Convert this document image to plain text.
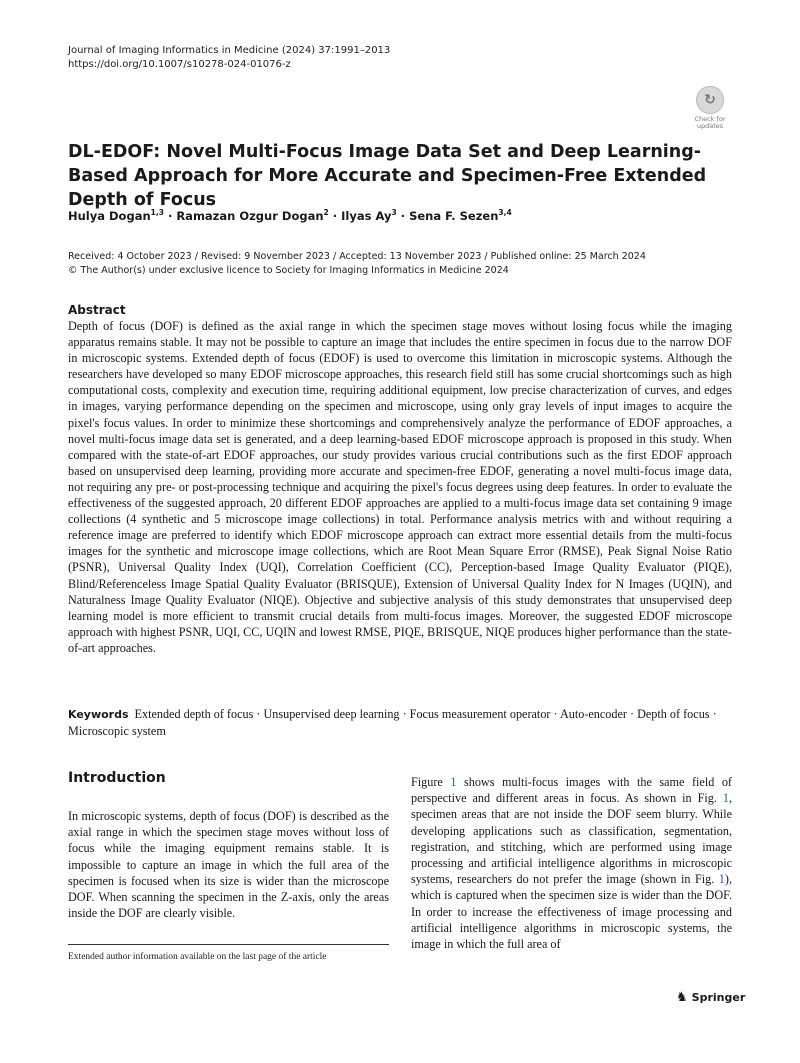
Journal of Imaging Informatics in Medicine (2024) 37:1991–2013
https://doi.org/10.1007/s10278-024-01076-z
↻
Check for
updates
DL-EDOF: Novel Multi-Focus Image Data Set and Deep Learning-Based Approach for More Accurate and Specimen-Free Extended Depth of Focus
Hulya Dogan$^{1,3}$ · Ramazan Ozgur Dogan$^2$ · Ilyas $Ay^3$ · Sena F. Sezen$^{3,4}$
Received: 4 October 2023 / Revised: 9 November 2023 / Accepted: 13 November 2023 / Published online: 25 March 2024
© The Author(s) under exclusive licence to Society for Imaging Informatics in Medicine 2024
Abstract
Depth of focus (DOF) is defined as the axial range in which the specimen stage moves without losing focus while the imaging apparatus remains stable. It may not be possible to capture an image that includes the entire specimen in focus due to the narrow DOF in microscopic systems. Extended depth of focus (EDOF) is used to overcome this limitation in microscopic systems. Although the researchers have developed so many EDOF microscope approaches, this research field still has some crucial shortcomings such as high computational costs, complexity and execution time, requiring additional equipment, low precise characterization of curves, and edges in images, varying performance depending on the specimen and microscope, using only gray levels of input images to acquire the pixel's focus values. In order to minimize these shortcomings and comprehensively analyze the performance of EDOF approaches, a novel multi-focus image data set is generated, and a deep learning-based EDOF microscope approach is proposed in this study. When compared with the state-of-art EDOF approaches, our study provides various crucial contributions such as the first EDOF approach based on unsupervised deep learning, providing more accurate and specimen-free EDOF, generating a novel multi-focus image data, not requiring any pre- or post-processing technique and acquiring the pixel's focus degrees using deep features. In order to evaluate the effectiveness of the suggested approach, 20 different EDOF approaches are applied to a multi-focus image data set containing 9 image collections (4 synthetic and 5 microscope image collections) in total. Performance analysis metrics with and without requiring a reference image are preferred to identify which EDOF microscope approach can extract more essential details from the multi-focus images for the synthetic and microscope image collections, which are Root Mean Square Error (RMSE), Peak Signal Noise Ratio (PSNR), Universal Quality Index (UQI), Correlation Coefficient (CC), Perception-based Image Quality Evaluator (PIQE), Blind/Referenceless Image Spatial Quality Evaluator (BRISQUE), Extension of Universal Quality Index for N Images (UQIN), and Naturalness Image Quality Evaluator (NIQE). Objective and subjective analysis of this study demonstrates that unsupervised deep learning model is more efficient to transmit crucial details from multi-focus images. Moreover, the suggested EDOF microscope approach with highest PSNR, UQI, CC, UQIN and lowest RMSE, PIQE, BRISQUE, NIQE produces higher performance than the state-of-art approaches.
Keywords Extended depth of focus · Unsupervised deep learning · Focus measurement operator · Auto-encoder · Depth of focus · Microscopic system
Introduction
In microscopic systems, depth of focus (DOF) is described as the axial range in which the specimen stage moves without loss of focus while the imaging equipment remains stable. It is impossible to capture an image in which the full area of the specimen is focused when its size is wider than the microscope DOF. When scanning the specimen in the Z-axis, only the areas inside the DOF are clearly visible.
Figure 1 shows multi-focus images with the same field of perspective and different areas in focus. As shown in Fig. 1, specimen areas that are not inside the DOF seem blurry. While developing applications such as classification, segmentation, registration, and stitching, which are performed using image processing and artificial intelligence algorithms in microscopic systems, researchers do not prefer the image (shown in Fig. 1), which is captured when the specimen size is wider than the DOF. In order to increase the effectiveness of image processing and artificial intelligence algorithms in microscopic systems, the image in which the full area of
Extended author information available on the last page of the article
♞ Springer
